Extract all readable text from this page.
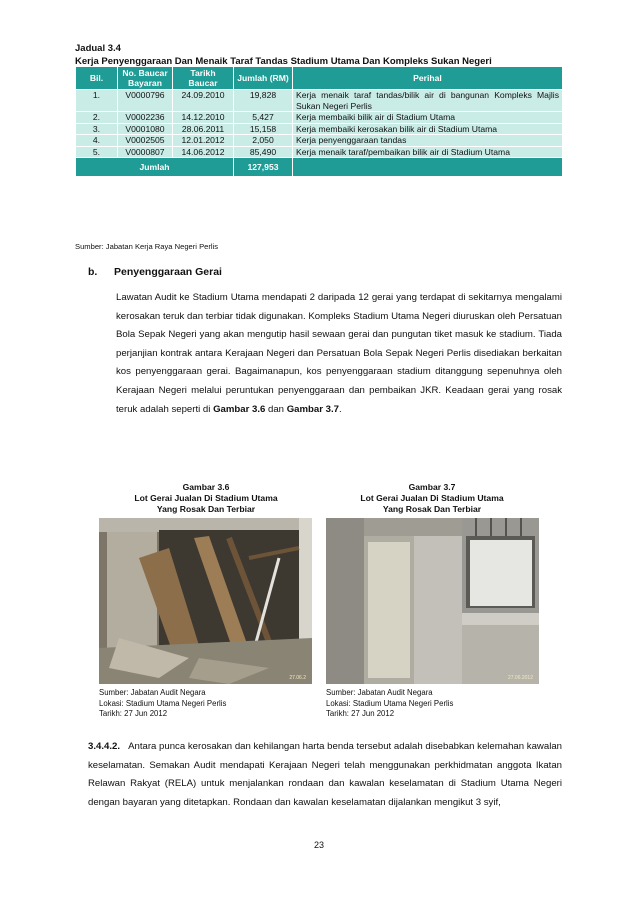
Jadual 3.4
Kerja Penyenggaraan Dan Menaik Taraf Tandas Stadium Utama Dan Kompleks Sukan Negeri
Bil.	No. Baucar Bayaran	Tarikh Baucar	Jumlah (RM)	Perihal
1.	V0000796	24.09.2010	19,828	Kerja menaik taraf tandas/bilik air di bangunan Kompleks Majlis Sukan Negeri Perlis
2.	V0002236	14.12.2010	5,427	Kerja membaiki bilik air di Stadium Utama
3.	V0001080	28.06.2011	15,158	Kerja membaiki kerosakan bilik air di Stadium Utama
4.	V0002505	12.01.2012	2,050	Kerja penyenggaraan tandas
5.	V0000807	14.06.2012	85,490	Kerja menaik taraf/pembaikan bilik air di Stadium Utama
Jumlah			127,953	
Sumber: Jabatan Kerja Raya Negeri Perlis
b. Penyenggaraan Gerai
Lawatan Audit ke Stadium Utama mendapati 2 daripada 12 gerai yang terdapat di sekitarnya mengalami kerosakan teruk dan terbiar tidak digunakan. Kompleks Stadium Utama Negeri diuruskan oleh Persatuan Bola Sepak Negeri yang akan mengutip hasil sewaan gerai dan pungutan tiket masuk ke stadium. Tiada perjanjian kontrak antara Kerajaan Negeri dan Persatuan Bola Sepak Negeri Perlis disediakan berkaitan kos penyenggaraan gerai. Bagaimanapun, kos penyenggaraan stadium ditanggung sepenuhnya oleh Kerajaan Negeri melalui peruntukan penyenggaraan dan pembaikan JKR. Keadaan gerai yang rosak teruk adalah seperti di Gambar 3.6 dan Gambar 3.7.
Gambar 3.6
Lot Gerai Jualan Di Stadium Utama
Yang Rosak Dan Terbiar
27.06.2
Sumber: Jabatan Audit Negara
Lokasi: Stadium Utama Negeri Perlis
Tarikh: 27 Jun 2012
Gambar 3.7
Lot Gerai Jualan Di Stadium Utama
Yang Rosak Dan Terbiar
27.06.2012
Sumber: Jabatan Audit Negara
Lokasi: Stadium Utama Negeri Perlis
Tarikh: 27 Jun 2012
3.4.4.2. Antara punca kerosakan dan kehilangan harta benda tersebut adalah disebabkan kelemahan kawalan keselamatan. Semakan Audit mendapati Kerajaan Negeri telah menggunakan perkhidmatan anggota Ikatan Relawan Rakyat (RELA) untuk menjalankan rondaan dan kawalan keselamatan di Stadium Utama Negeri dengan bayaran yang ditetapkan. Rondaan dan kawalan keselamatan dijalankan mengikut 3 syif,
23
